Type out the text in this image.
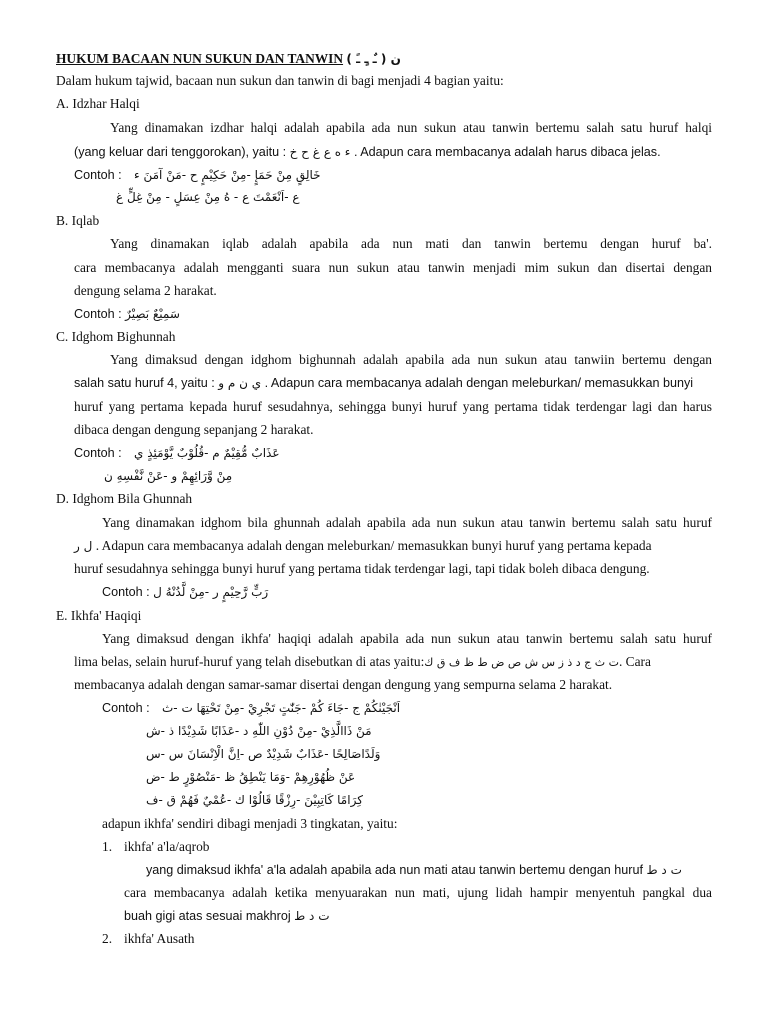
HUKUM BACAAN NUN SUKUN DAN TANWIN ن ( ـٌ ـٍ ـً )
Dalam hukum tajwid, bacaan nun sukun dan tanwin di bagi menjadi 4 bagian yaitu:
A. Idzhar Halqi
Yang dinamakan izdhar halqi adalah apabila ada nun sukun atau tanwin bertemu salah satu huruf halqi
(yang keluar dari tenggorokan), yaitu : ء ه ع غ ح خ . Adapun cara membacanya adalah harus dibaca jelas.
Contoh : خَالِقٍ مِنْ حَمَإٍ -مِنْ حَكِيْمٍ ح -مَنْ آمَنَ ء
ع -اَنْعَمْتَ ع - هُ مِنْ عِسَلٍ - مِنْ غِلٍّ غ
B. Iqlab
Yang dinamakan iqlab adalah apabila ada nun mati dan tanwin bertemu dengan huruf ba'.
cara membacanya adalah mengganti suara nun sukun atau tanwin menjadi mim sukun dan disertai dengan
dengung selama 2 harakat.
Contoh : سَمِيْعٌ بَصِيْرٌ
C. Idghom Bighunnah
Yang dimaksud dengan idghom bighunnah adalah apabila ada nun sukun atau tanwiin bertemu dengan
salah satu huruf 4, yaitu : ي ن م و . Adapun cara membacanya adalah dengan meleburkan/ memasukkan bunyi
huruf yang pertama kepada huruf sesudahnya, sehingga bunyi huruf yang pertama tidak terdengar lagi dan harus
dibaca dengan dengung sepanjang 2 harakat.
Contoh : عَذَابٌ مُّقِيْمٌ م -قُلُوْبٌ يَّوْمَئِذٍ ي
مِنْ وَّرَائِهِمْ و -عَنْ نَّفْسِهِ ن
D. Idghom Bila Ghunnah
Yang dinamakan idghom bila ghunnah adalah apabila ada nun sukun atau tanwin bertemu salah satu huruf
ل ر . Adapun cara membacanya adalah dengan meleburkan/ memasukkan bunyi huruf yang pertama kepada
huruf sesudahnya sehingga bunyi huruf yang pertama tidak terdengar lagi, tapi tidak boleh dibaca dengung.
Contoh : رَبٍّ رَّحِيْمٍ ر -مِنْ لَّدُنْهُ ل
E. Ikhfa' Haqiqi
Yang dimaksud dengan ikhfa' haqiqi adalah apabila ada nun sukun atau tanwin bertemu salah satu huruf
lima belas, selain huruf-huruf yang telah disebutkan di atas yaitu:ت ث ج د ذ ز س ش ص ض ط ظ ف ق ك. Cara
membacanya adalah dengan samar-samar disertai dengan dengung yang sempurna selama 2 harakat.
Contoh : اَنْجَيْنٰكُمْ ج -جَاءَ كُمْ -جَنّٰتٍ تَجْرِيْ -مِنْ تَحْتِهَا ت -ث
مَنْ ذَاالَّذِيْ -مِنْ دُوْنِ اللّٰهِ د -عَذَابًا شَدِيْدًا ذ -ش
وَلَدًاصَالِحًا -عَذَابٌ شَدِيْدٌ ص -اِنَّ الْاِنْسَانَ س -س
عَنْ ظُهُوْرِهِمْ -وَمَا يَنْطِقُ ظ -مَنْصُوْرٍ ط -ض
كِرَامًا كَاتِبِيْنَ -رِزْقًا قَالُوْا ك -عُمْيٌ فَهُمْ ق -ف
adapun ikhfa' sendiri dibagi menjadi 3 tingkatan, yaitu:
1. ikhfa' a'la/aqrob
yang dimaksud ikhfa' a'la adalah apabila ada nun mati atau tanwin bertemu dengan huruf ت د ط
cara membacanya adalah ketika menyuarakan nun mati, ujung lidah hampir menyentuh pangkal dua
buah gigi atas sesuai makhroj ت د ط
2. ikhfa' Ausath
